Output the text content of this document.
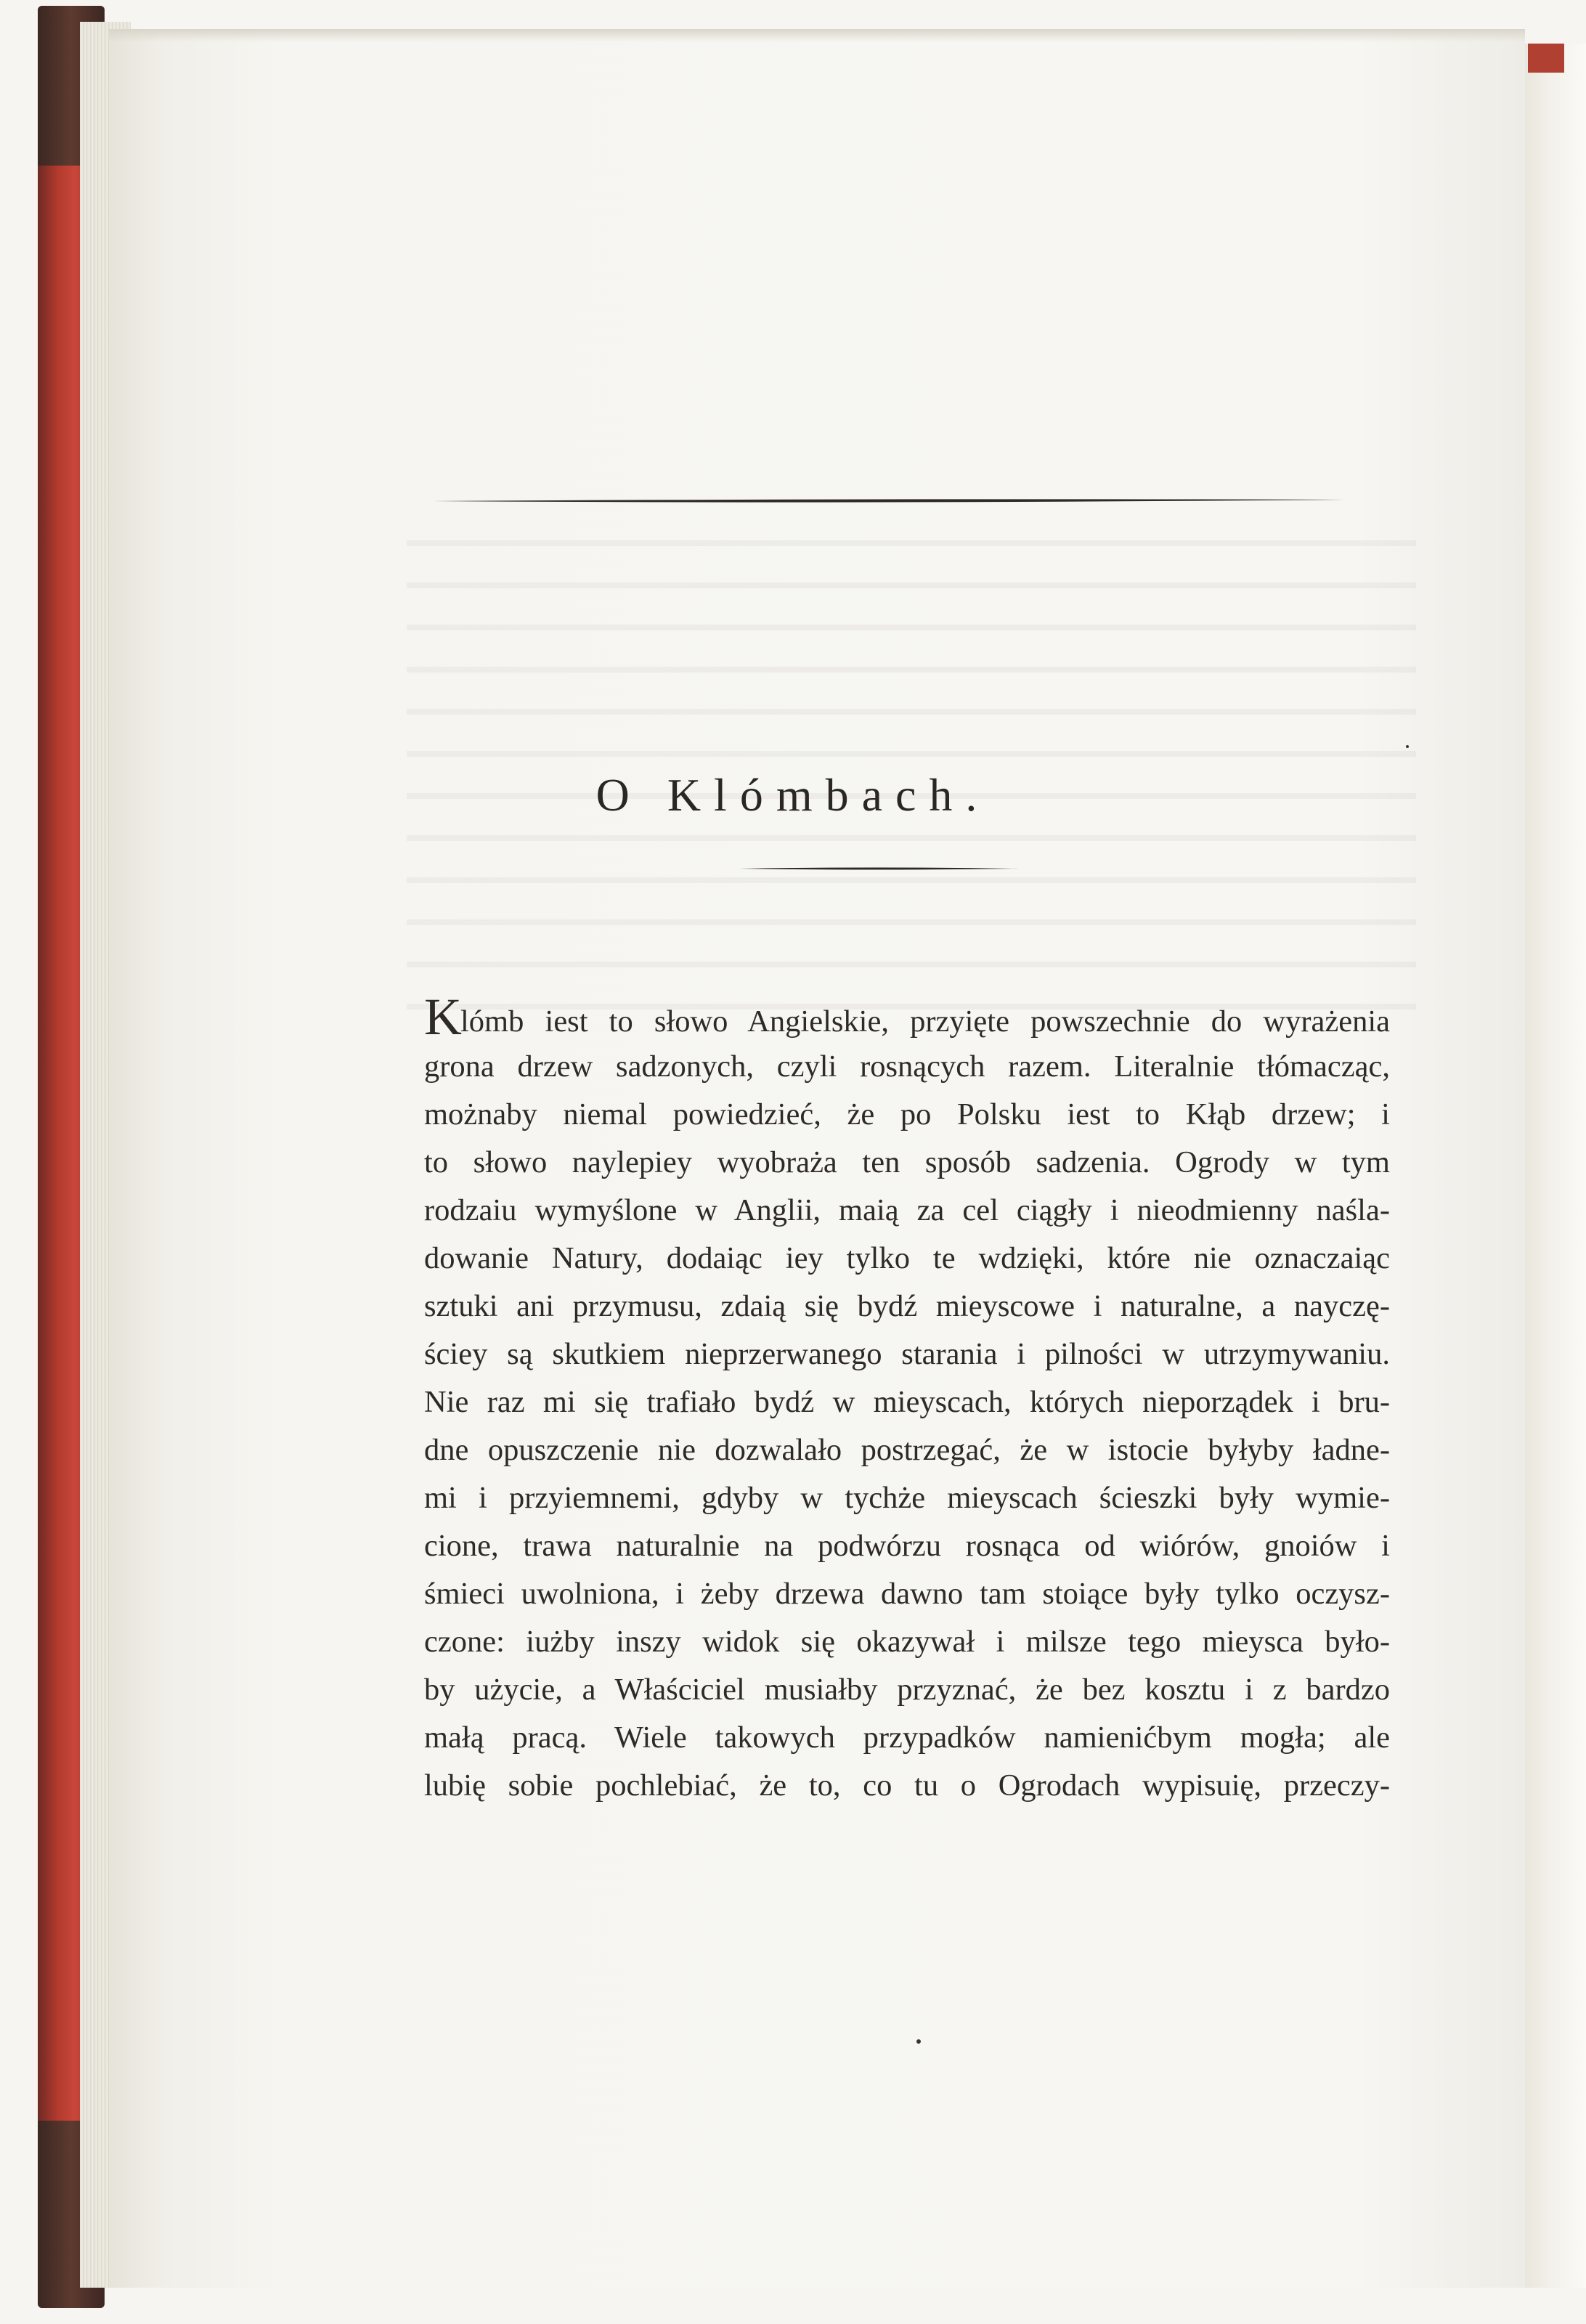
O Klómbach.
Klómb iest to słowo Angielskie, przyięte powszechnie do wyrażenia
grona drzew sadzonych, czyli rosnących razem. Literalnie tłómacząc,
możnaby niemal powiedzieć, że po Polsku iest to Kłąb drzew; i
to słowo naylepiey wyobraża ten sposób sadzenia. Ogrody w tym
rodzaiu wymyślone w Anglii, maią za cel ciągły i nieodmienny naśla-
dowanie Natury, dodaiąc iey tylko te wdzięki, które nie oznaczaiąc
sztuki ani przymusu, zdaią się bydź mieyscowe i naturalne, a nayczę-
ściey są skutkiem nieprzerwanego starania i pilności w utrzymywaniu.
Nie raz mi się trafiało bydź w mieyscach, których nieporządek i bru-
dne opuszczenie nie dozwalało postrzegać, że w istocie byłyby ładne-
mi i przyiemnemi, gdyby w tychże mieyscach ścieszki były wymie-
cione, trawa naturalnie na podwórzu rosnąca od wiórów, gnoiów i
śmieci uwolniona, i żeby drzewa dawno tam stoiące były tylko oczysz-
czone: iużby inszy widok się okazywał i milsze tego mieysca było-
by użycie, a Właściciel musiałby przyznać, że bez kosztu i z bardzo
małą pracą. Wiele takowych przypadków namienićbym mogła; ale
lubię sobie pochlebiać, że to, co tu o Ogrodach wypisuię, przeczy-
